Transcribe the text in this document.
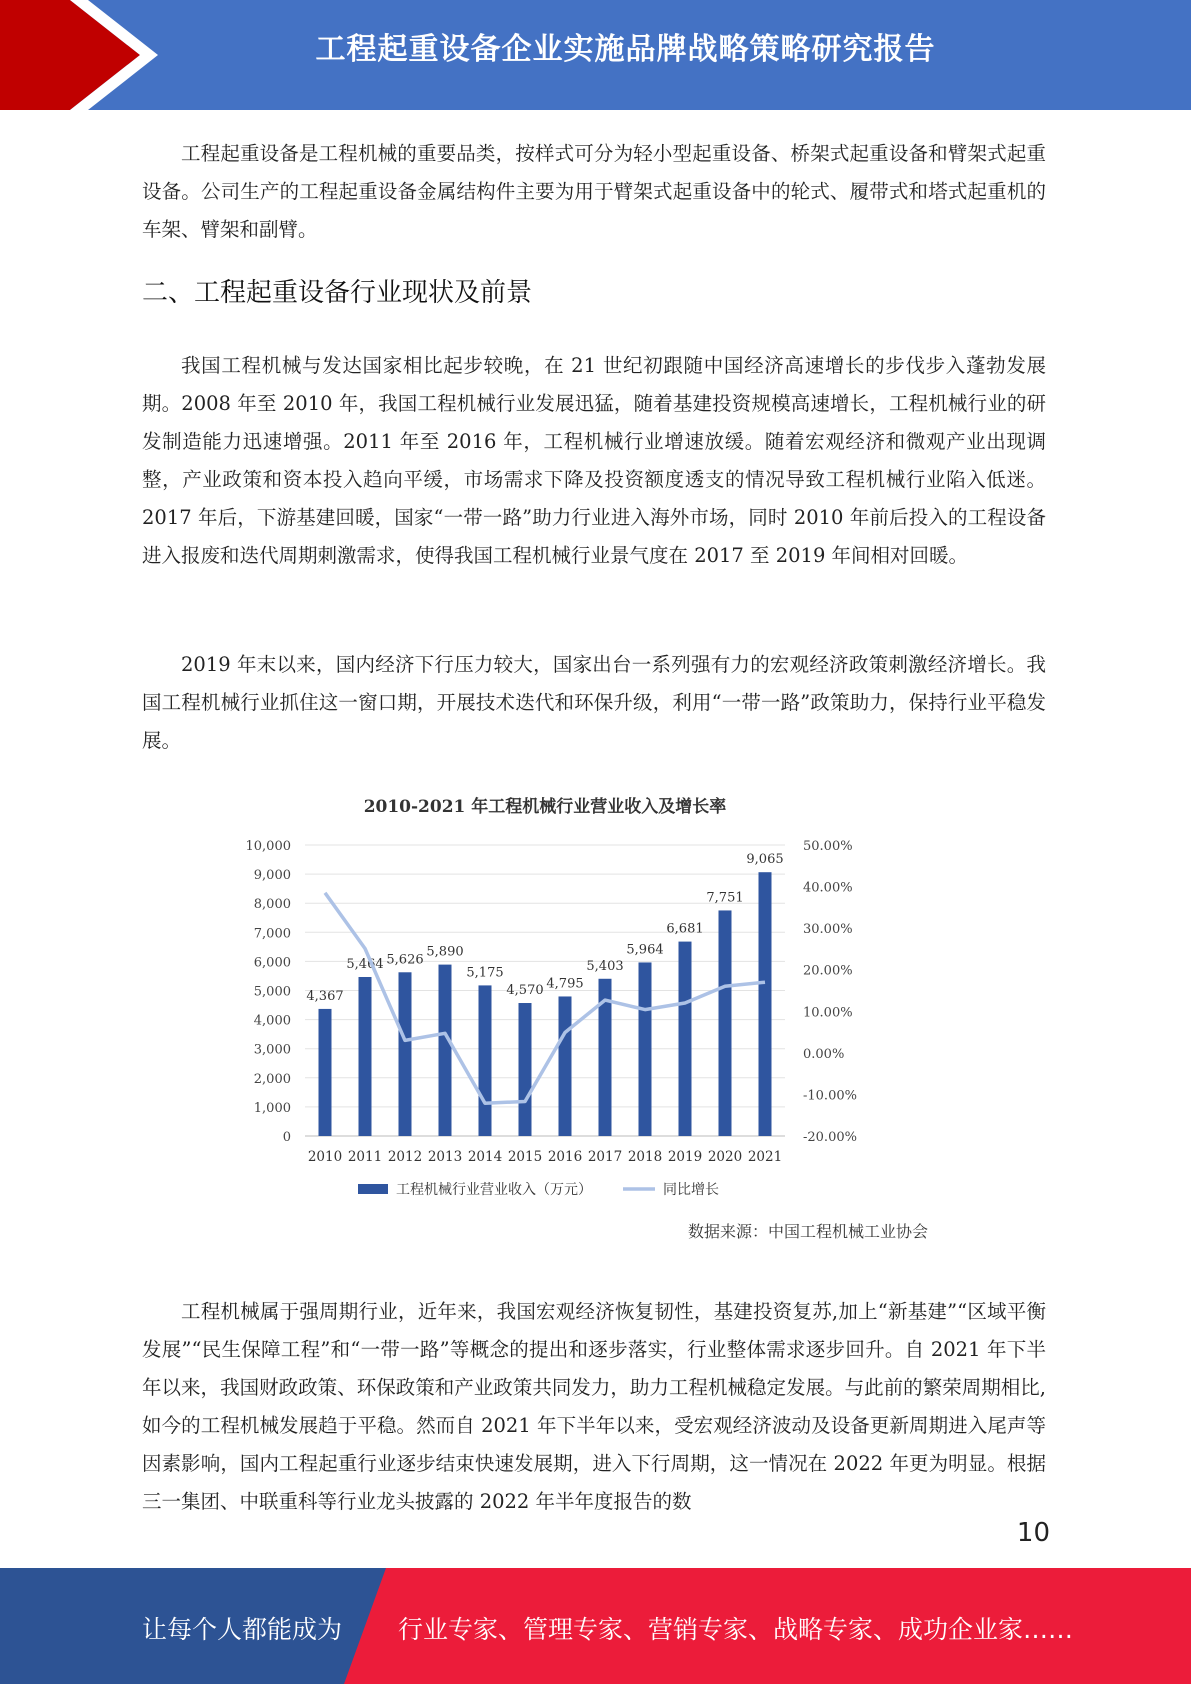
工程起重设备企业实施品牌战略策略研究报告

工程起重设备是工程机械的重要品类，按样式可分为轻小型起重设备、桥架式起重设备和臂架式起重设备。公司生产的工程起重设备金属结构件主要为用于臂架式起重设备中的轮式、履带式和塔式起重机的车架、臂架和副臂。

二、工程起重设备行业现状及前景

我国工程机械与发达国家相比起步较晚，在 21 世纪初跟随中国经济高速增长的步伐步入蓬勃发展期。2008 年至 2010 年，我国工程机械行业发展迅猛，随着基建投资规模高速增长，工程机械行业的研发制造能力迅速增强。2011 年至 2016 年，工程机械行业增速放缓。随着宏观经济和微观产业出现调整，产业政策和资本投入趋向平缓，市场需求下降及投资额度透支的情况导致工程机械行业陷入低迷。2017 年后，下游基建回暖，国家“一带一路”助力行业进入海外市场，同时 2010 年前后投入的工程设备进入报废和迭代周期刺激需求，使得我国工程机械行业景气度在 2017 至 2019 年间相对回暖。

2019 年末以来，国内经济下行压力较大，国家出台一系列强有力的宏观经济政策刺激经济增长。我国工程机械行业抓住这一窗口期，开展技术迭代和环保升级，利用“一带一路”政策助力，保持行业平稳发展。

2010-2021 年工程机械行业营业收入及增长率
0
1,000
2,000
3,000
4,000
5,000
6,000
7,000
8,000
9,000
10,000
-20.00%
-10.00%
0.00%
10.00%
20.00%
30.00%
40.00%
50.00%
4,367
2010
5,464
2011
5,626
2012
5,890
2013
5,175
2014
4,570
2015
4,795
2016
5,403
2017
5,964
2018
6,681
2019
7,751
2020
9,065
2021
工程机械行业营业收入（万元）	同比增长
数据来源：中国工程机械工业协会

工程机械属于强周期行业，近年来，我国宏观经济恢复韧性，基建投资复苏,加上“新基建”“区域平衡发展”“民生保障工程”和“一带一路”等概念的提出和逐步落实，行业整体需求逐步回升。自 2021 年下半年以来，我国财政政策、环保政策和产业政策共同发力，助力工程机械稳定发展。与此前的繁荣周期相比,如今的工程机械发展趋于平稳。然而自 2021 年下半年以来，受宏观经济波动及设备更新周期进入尾声等因素影响，国内工程起重行业逐步结束快速发展期，进入下行周期，这一情况在 2022 年更为明显。根据三一集团、中联重科等行业龙头披露的 2022 年半年度报告的数

10
让每个人都能成为 行业专家、管理专家、营销专家、战略专家、成功企业家……
